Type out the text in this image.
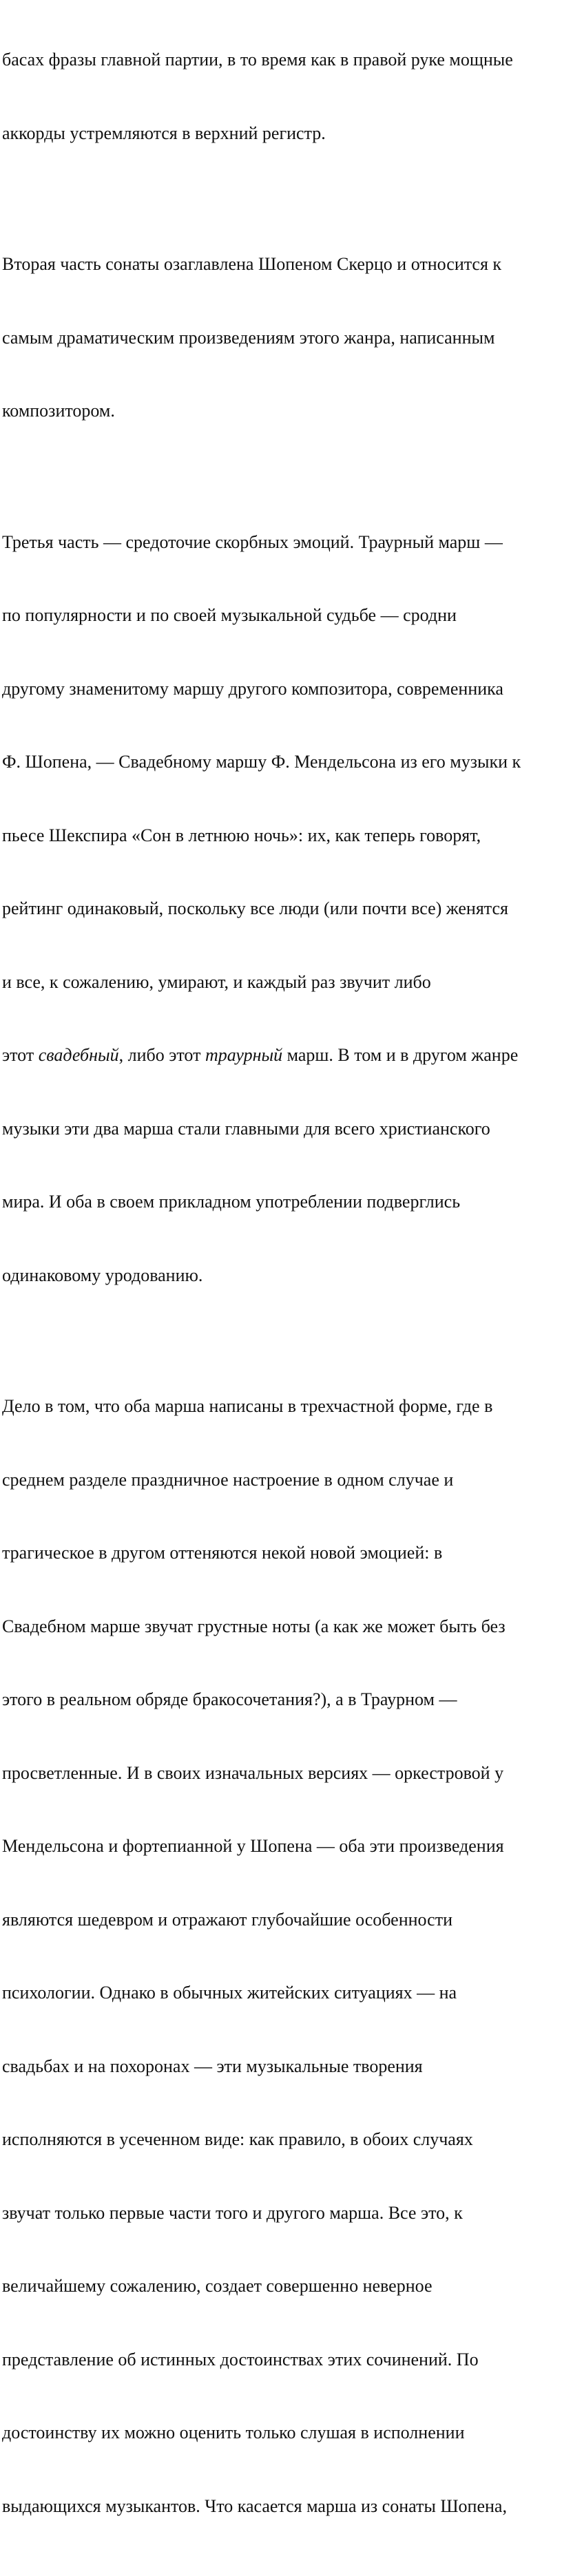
басах фразы главной партии, в то время как в правой руке мощные

аккорды устремляются в верхний регистр.

Вторая часть сонаты озаглавлена Шопеном Скерцо и относится к

самым драматическим произведениям этого жанра, написанным

композитором.

Третья часть — средоточие скорбных эмоций. Траурный марш —

по популярности и по своей музыкальной судьбе — сродни

другому знаменитому маршу другого композитора, современника

Ф. Шопена, — Свадебному маршу Ф. Мендельсона из его музыки к

пьесе Шекспира «Сон в летнюю ночь»: их, как теперь говорят,

рейтинг одинаковый, поскольку все люди (или почти все) женятся

и все, к сожалению, умирают, и каждый раз звучит либо

этот свадебный, либо этот траурный марш. В том и в другом жанре

музыки эти два марша стали главными для всего христианского

мира. И оба в своем прикладном употреблении подверглись

одинаковому уродованию.

Дело в том, что оба марша написаны в трехчастной форме, где в

среднем разделе праздничное настроение в одном случае и

трагическое в другом оттеняются некой новой эмоцией: в

Свадебном марше звучат грустные ноты (а как же может быть без

этого в реальном обряде бракосочетания?), а в Траурном —

просветленные. И в своих изначальных версиях — оркестровой у

Мендельсона и фортепианной у Шопена — оба эти произведения

являются шедевром и отражают глубочайшие особенности

психологии. Однако в обычных житейских ситуациях — на

свадьбах и на похоронах — эти музыкальные творения

исполняются в усеченном виде: как правило, в обоих случаях

звучат только первые части того и другого марша. Все это, к

величайшему сожалению, создает совершенно неверное

представление об истинных достоинствах этих сочинений. По

достоинству их можно оценить только слушая в исполнении

выдающихся музыкантов. Что касается марша из сонаты Шопена,
